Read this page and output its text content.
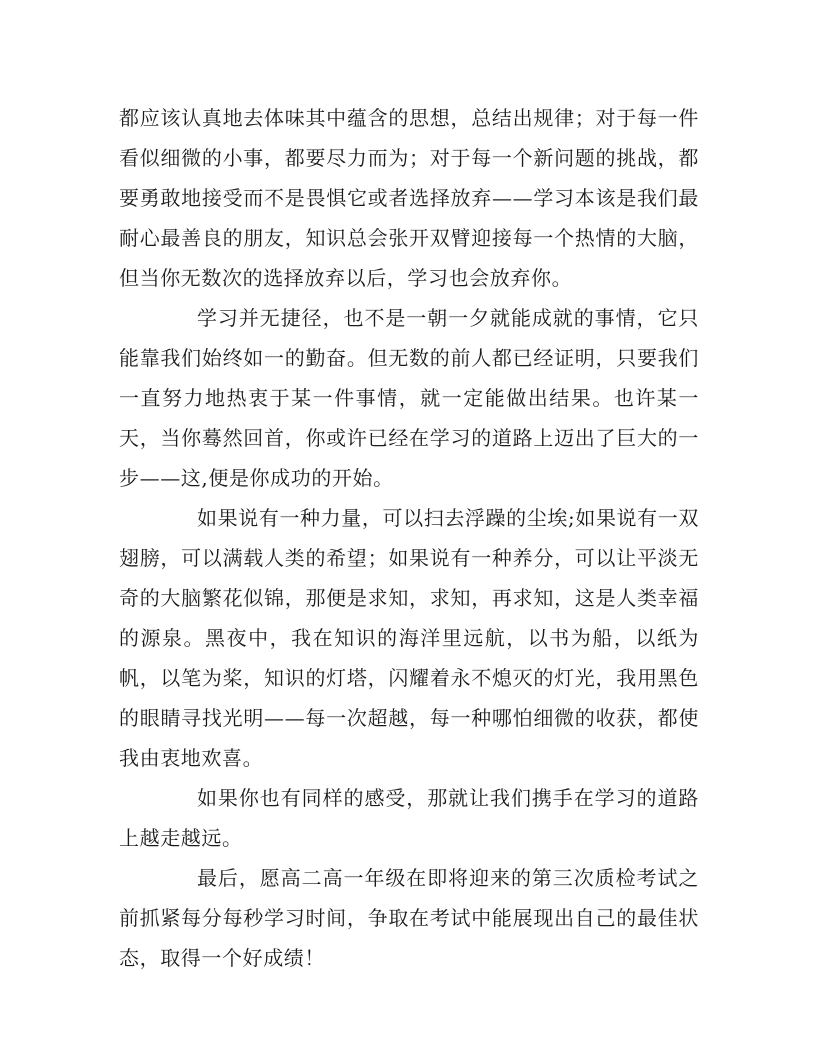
都应该认真地去体味其中蕴含的思想，总结出规律；对于每一件看似细微的小事，都要尽力而为；对于每一个新问题的挑战，都要勇敢地接受而不是畏惧它或者选择放弃——学习本该是我们最耐心最善良的朋友，知识总会张开双臂迎接每一个热情的大脑，但当你无数次的选择放弃以后，学习也会放弃你。

学习并无捷径，也不是一朝一夕就能成就的事情，它只能靠我们始终如一的勤奋。但无数的前人都已经证明，只要我们一直努力地热衷于某一件事情，就一定能做出结果。也许某一天，当你蓦然回首，你或许已经在学习的道路上迈出了巨大的一步——这,便是你成功的开始。

如果说有一种力量，可以扫去浮躁的尘埃;如果说有一双翅膀，可以满载人类的希望；如果说有一种养分，可以让平淡无奇的大脑繁花似锦，那便是求知，求知，再求知，这是人类幸福的源泉。黑夜中，我在知识的海洋里远航，以书为船，以纸为帆，以笔为桨，知识的灯塔，闪耀着永不熄灭的灯光，我用黑色的眼睛寻找光明——每一次超越，每一种哪怕细微的收获，都使我由衷地欢喜。

如果你也有同样的感受，那就让我们携手在学习的道路上越走越远。

最后，愿高二高一年级在即将迎来的第三次质检考试之前抓紧每分每秒学习时间，争取在考试中能展现出自己的最佳状态，取得一个好成绩！
